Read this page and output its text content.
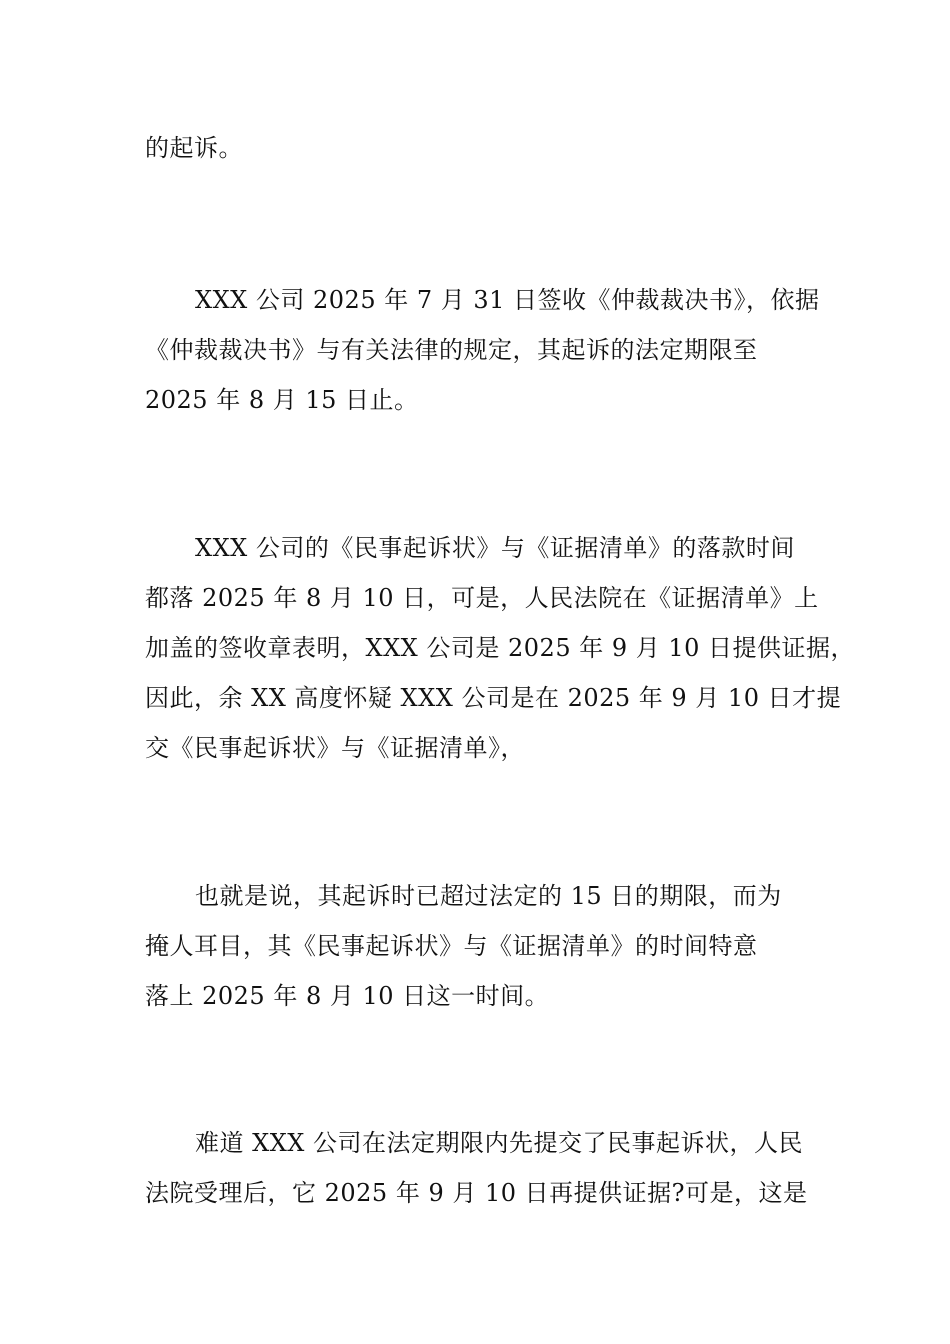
的起诉。
XXX 公司 2025 年 7 月 31 日签收《仲裁裁决书》，依据
《仲裁裁决书》与有关法律的规定，其起诉的法定期限至
2025 年 8 月 15 日止。
XXX 公司的《民事起诉状》与《证据清单》的落款时间
都落 2025 年 8 月 10 日，可是，人民法院在《证据清单》上
加盖的签收章表明，XXX 公司是 2025 年 9 月 10 日提供证据，
因此，余 XX 高度怀疑 XXX 公司是在 2025 年 9 月 10 日才提
交《民事起诉状》与《证据清单》，
也就是说，其起诉时已超过法定的 15 日的期限，而为
掩人耳目，其《民事起诉状》与《证据清单》的时间特意
落上 2025 年 8 月 10 日这一时间。
难道 XXX 公司在法定期限内先提交了民事起诉状，人民
法院受理后，它 2025 年 9 月 10 日再提供证据?可是，这是
